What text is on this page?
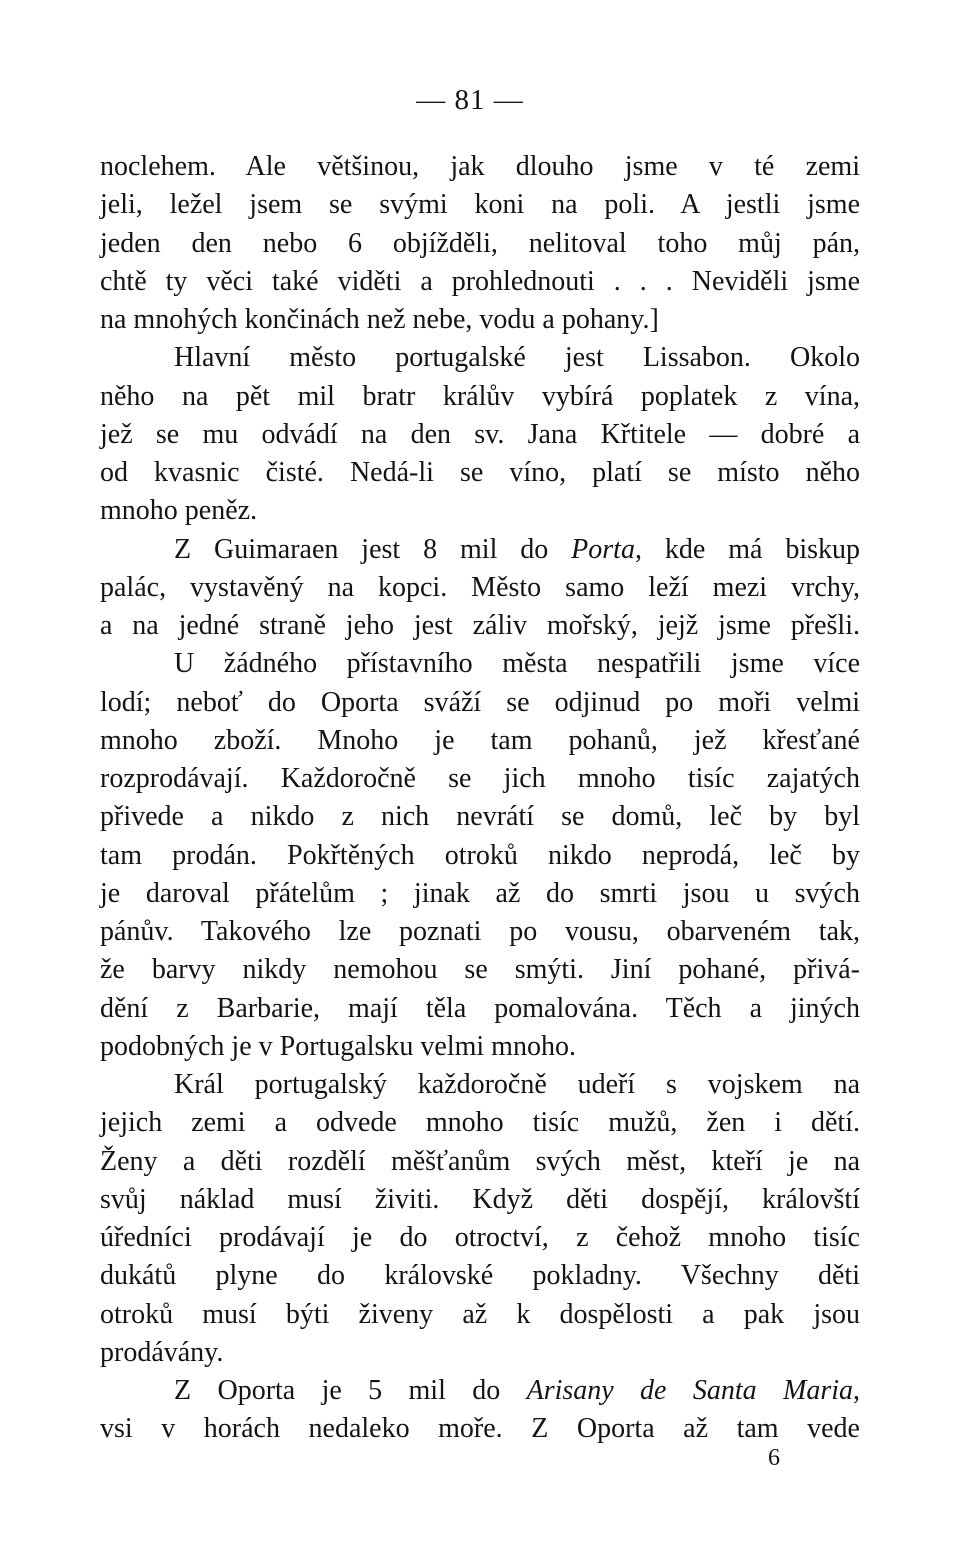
— 81 —
noclehem. Ale většinou, jak dlouho jsme v té zemi
jeli, ležel jsem se svými koni na poli. A jestli jsme
jeden den nebo 6 objížděli, nelitoval toho můj pán,
chtě ty věci také viděti a prohlednouti . . . Neviděli jsme
na mnohých končinách než nebe, vodu a pohany.]
Hlavní město portugalské jest Lissabon. Okolo
něho na pět mil bratr králův vybírá poplatek z vína,
jež se mu odvádí na den sv. Jana Křtitele — dobré a
od kvasnic čisté. Nedá-li se víno, platí se místo něho
mnoho peněz.
Z Guimaraen jest 8 mil do Porta, kde má biskup
palác, vystavěný na kopci. Město samo leží mezi vrchy,
a na jedné straně jeho jest záliv mořský, jejž jsme přešli.
U žádného přístavního města nespatřili jsme více
lodí; neboť do Oporta sváží se odjinud po moři velmi
mnoho zboží. Mnoho je tam pohanů, jež křesťané
rozprodávají. Každoročně se jich mnoho tisíc zajatých
přivede a nikdo z nich nevrátí se domů, leč by byl
tam prodán. Pokřtěných otroků nikdo neprodá, leč by
je daroval přátelům ; jinak až do smrti jsou u svých
pánův. Takového lze poznati po vousu, obarveném tak,
že barvy nikdy nemohou se smýti. Jiní pohané, přivá-
dění z Barbarie, mají těla pomalována. Těch a jiných
podobných je v Portugalsku velmi mnoho.
Král portugalský každoročně udeří s vojskem na
jejich zemi a odvede mnoho tisíc mužů, žen i dětí.
Ženy a děti rozdělí měšťanům svých měst, kteří je na
svůj náklad musí živiti. Když děti dospějí, královští
úředníci prodávají je do otroctví, z čehož mnoho tisíc
dukátů plyne do královské pokladny. Všechny děti
otroků musí býti živeny až k dospělosti a pak jsou
prodávány.
Z Oporta je 5 mil do Arisany de Santa Maria,
vsi v horách nedaleko moře. Z Oporta až tam vede
6
